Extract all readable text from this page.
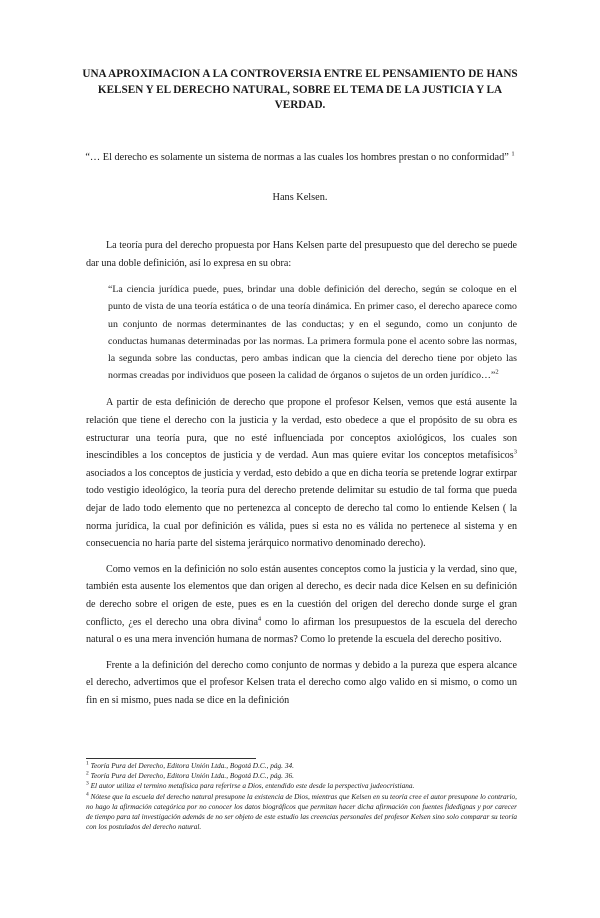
UNA APROXIMACION A LA CONTROVERSIA ENTRE EL PENSAMIENTO DE HANS KELSEN Y EL DERECHO NATURAL, SOBRE EL TEMA DE LA JUSTICIA Y LA VERDAD.

“… El derecho es solamente un sistema de normas a las cuales los hombres prestan o no conformidad” $^1$

Hans Kelsen.

La teoría pura del derecho propuesta por Hans Kelsen parte del presupuesto que del derecho se puede dar una doble definición, así lo expresa en su obra:

“La ciencia jurídica puede, pues, brindar una doble definición del derecho, según se coloque en el punto de vista de una teoría estática o de una teoría dinámica. En primer caso, el derecho aparece como un conjunto de normas determinantes de las conductas; y en el segundo, como un conjunto de conductas humanas determinadas por las normas. La primera formula pone el acento sobre las normas, la segunda sobre las conductas, pero ambas indican que la ciencia del derecho tiene por objeto las normas creadas por individuos que poseen la calidad de órganos o sujetos de un orden jurídico…”$^2$

A partir de esta definición de derecho que propone el profesor Kelsen, vemos que está ausente la relación que tiene el derecho con la justicia y la verdad, esto obedece a que el propósito de su obra es estructurar una teoría pura, que no esté influenciada por conceptos axiológicos, los cuales son inescindibles a los conceptos de justicia y de verdad. Aun mas quiere evitar los conceptos metafísicos$^3$ asociados a los conceptos de justicia y verdad, esto debido a que en dicha teoría se pretende lograr extirpar todo vestigio ideológico, la teoría pura del derecho pretende delimitar su estudio de tal forma que pueda dejar de lado todo elemento que no pertenezca al concepto de derecho tal como lo entiende Kelsen ( la norma jurídica, la cual por definición es válida, pues si esta no es válida no pertenece al sistema y en consecuencia no haría parte del sistema jerárquico normativo denominado derecho).

Como vemos en la definición no solo están ausentes conceptos como la justicia y la verdad, sino que, también esta ausente los elementos que dan origen al derecho, es decir nada dice Kelsen en su definición de derecho sobre el origen de este, pues es en la cuestión del origen del derecho donde surge el gran conflicto, ¿es el derecho una obra divina$^4$ como lo afirman los presupuestos de la escuela del derecho natural o es una mera invención humana de normas? Como lo pretende la escuela del derecho positivo.

Frente a la definición del derecho como conjunto de normas y debido a la pureza que espera alcance el derecho, advertimos que el profesor Kelsen trata el derecho como algo valido en si mismo, o como un fin en si mismo, pues nada se dice en la definición

$^1$ Teoría Pura del Derecho, Editora Unión Ltda., Bogotá D.C., pág. 34.

$^2$ Teoría Pura del Derecho, Editora Unión Ltda., Bogotá D.C., pág. 36.

$^3$ El autor utiliza el termino metafísica para referirse a Dios, entendido este desde la perspectiva judeocristiana.

$^4$ Nótese que la escuela del derecho natural presupone la existencia de Dios, mientras que Kelsen en su teoría cree el autor presupone lo contrario, no hago la afirmación categórica por no conocer los datos biográficos que permitan hacer dicha afirmación con fuentes fidedignas y por carecer de tiempo para tal investigación además de no ser objeto de este estudio las creencias personales del profesor Kelsen sino solo comparar su teoría con los postulados del derecho natural.
